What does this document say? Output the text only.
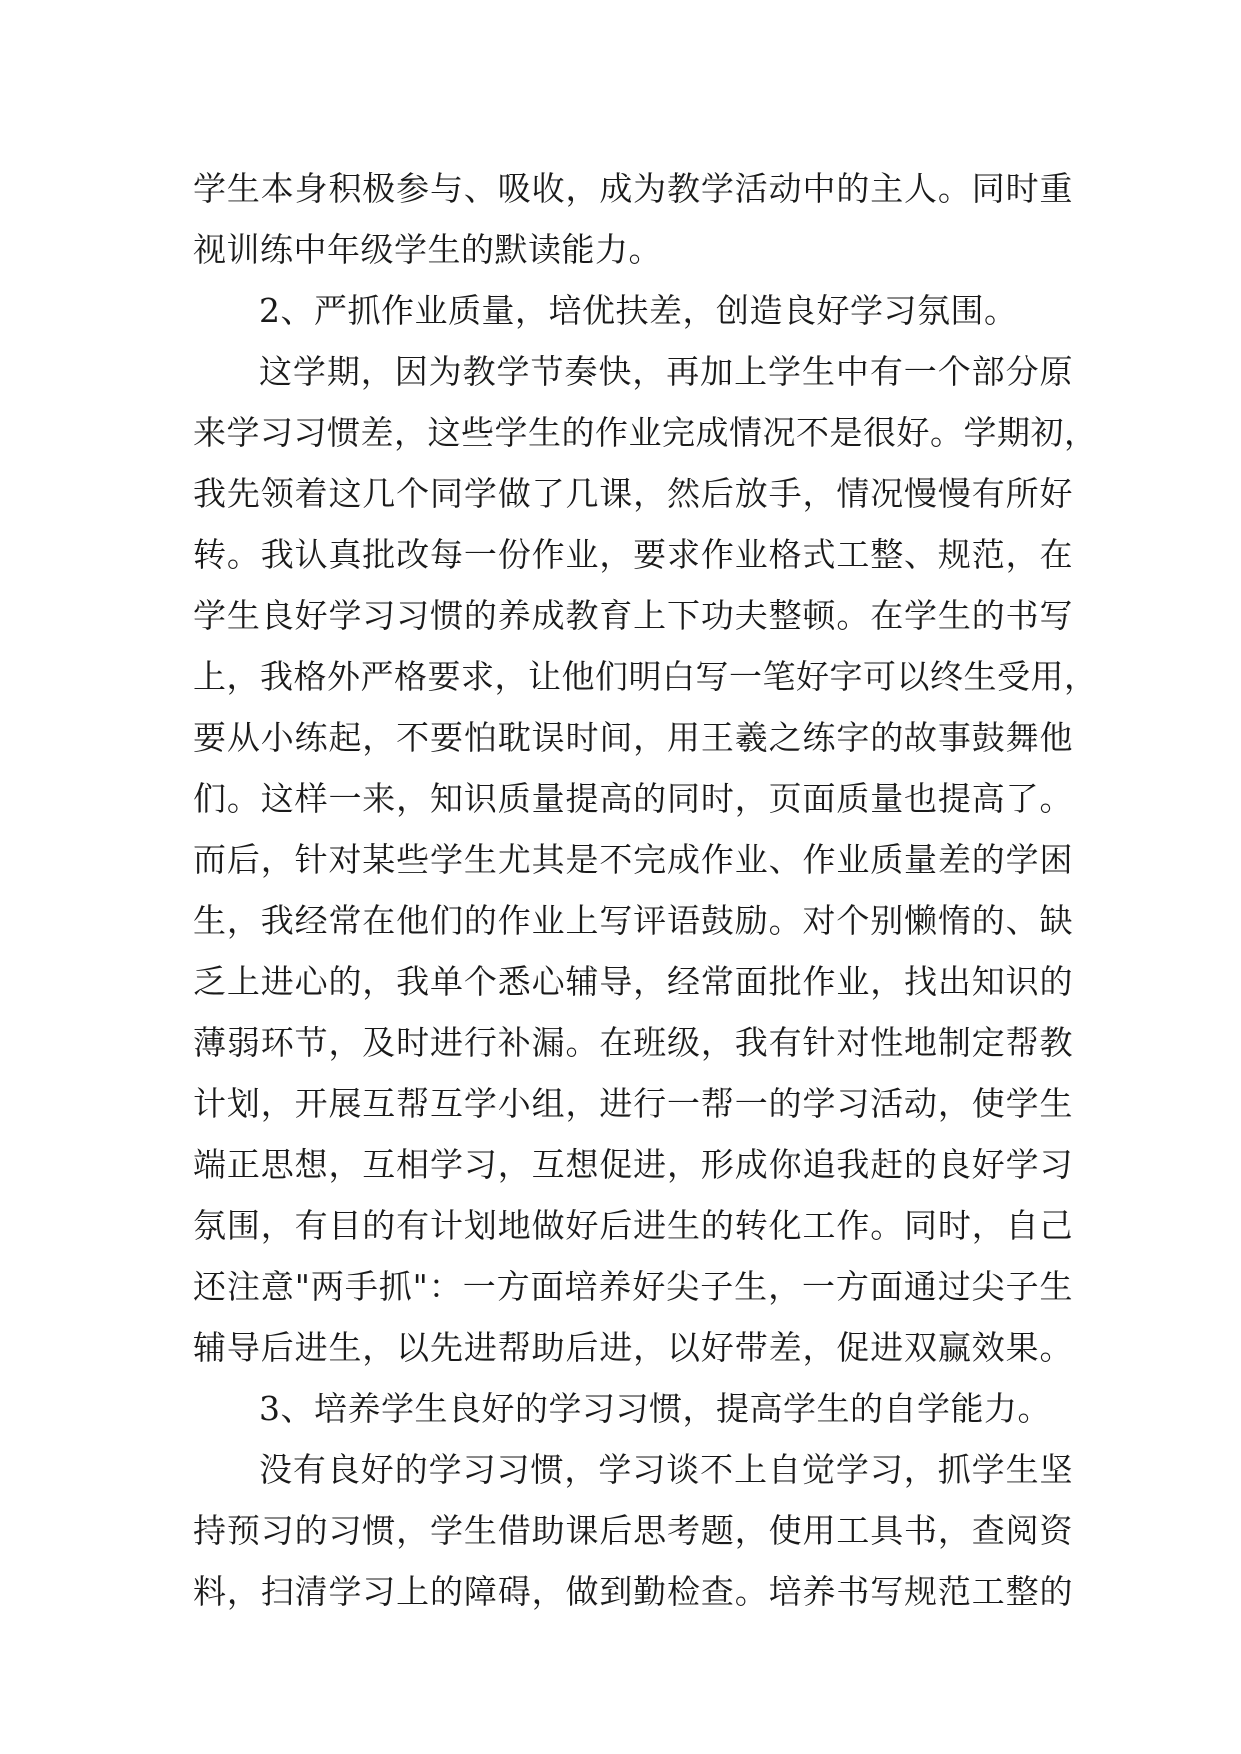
学生本身积极参与、吸收，成为教学活动中的主人。同时重
视训练中年级学生的默读能力。
2、严抓作业质量，培优扶差，创造良好学习氛围。
这学期，因为教学节奏快，再加上学生中有一个部分原
来学习习惯差，这些学生的作业完成情况不是很好。学期初，
我先领着这几个同学做了几课，然后放手，情况慢慢有所好
转。我认真批改每一份作业，要求作业格式工整、规范，在
学生良好学习习惯的养成教育上下功夫整顿。在学生的书写
上，我格外严格要求，让他们明白写一笔好字可以终生受用，
要从小练起，不要怕耽误时间，用王羲之练字的故事鼓舞他
们。这样一来，知识质量提高的同时，页面质量也提高了。
而后，针对某些学生尤其是不完成作业、作业质量差的学困
生，我经常在他们的作业上写评语鼓励。对个别懒惰的、缺
乏上进心的，我单个悉心辅导，经常面批作业，找出知识的
薄弱环节，及时进行补漏。在班级，我有针对性地制定帮教
计划，开展互帮互学小组，进行一帮一的学习活动，使学生
端正思想，互相学习，互想促进，形成你追我赶的良好学习
氛围，有目的有计划地做好后进生的转化工作。同时，自己
还注意"两手抓"：一方面培养好尖子生，一方面通过尖子生
辅导后进生，以先进帮助后进，以好带差，促进双赢效果。
3、培养学生良好的学习习惯，提高学生的自学能力。
没有良好的学习习惯，学习谈不上自觉学习，抓学生坚
持预习的习惯，学生借助课后思考题，使用工具书，查阅资
料，扫清学习上的障碍，做到勤检查。培养书写规范工整的
